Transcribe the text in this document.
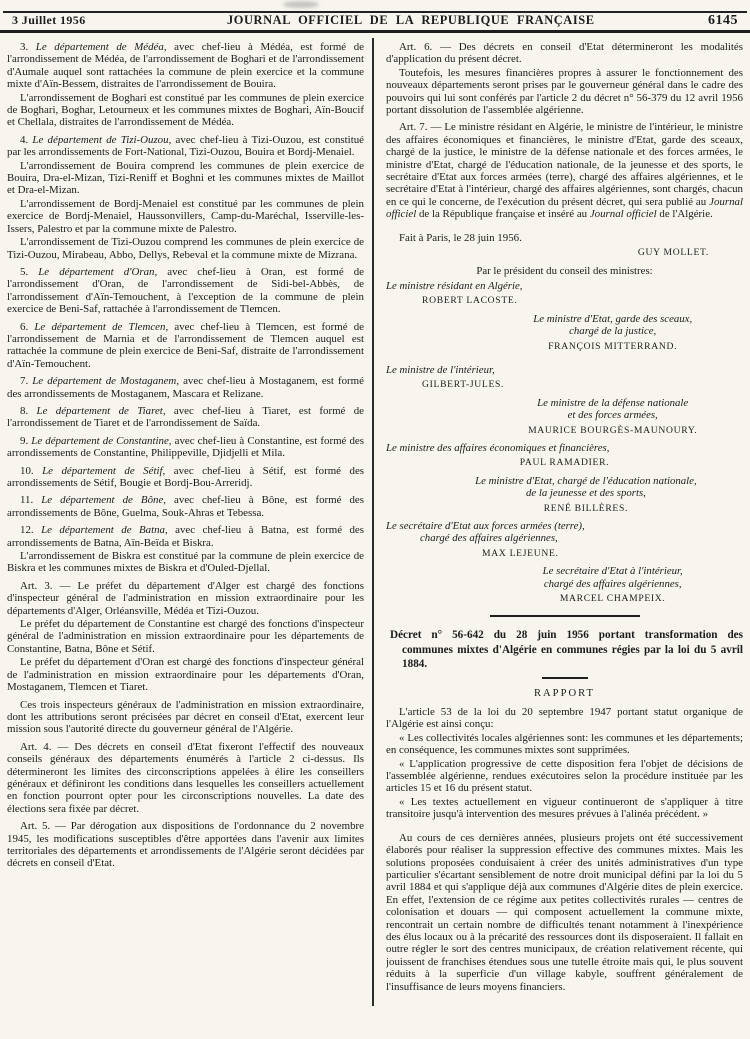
3 Juillet 1956	JOURNAL OFFICIEL DE LA REPUBLIQUE FRANÇAISE	6145

3. Le département de Médéa, avec chef-lieu à Médéa, est formé de l'arrondissement de Médéa, de l'arrondissement de Boghari et de l'arrondissement d'Aumale auquel sont rattachées la commune de plein exercice et la commune mixte d'Aïn-Bessem, distraites de l'arrondissement de Bouira.

L'arrondissement de Boghari est constitué par les communes de plein exercice de Boghari, Boghar, Letourneux et les communes mixtes de Boghari, Aïn-Boucif et Chellala, distraites de l'arrondissement de Médéa.

4. Le département de Tizi-Ouzou, avec chef-lieu à Tizi-Ouzou, est constitué par les arrondissements de Fort-National, Tizi-Ouzou, Bouira et Bordj-Menaiel.

L'arrondissement de Bouira comprend les communes de plein exercice de Bouira, Dra-el-Mizan, Tizi-Reniff et Boghni et les communes mixtes de Maillot et Dra-el-Mizan.

L'arrondissement de Bordj-Menaiel est constitué par les communes de plein exercice de Bordj-Menaiel, Haussonvillers, Camp-du-Maréchal, Isserville-les-Issers, Palestro et par la commune mixte de Palestro.

L'arrondissement de Tizi-Ouzou comprend les communes de plein exercice de Tizi-Ouzou, Mirabeau, Abbo, Dellys, Rebeval et la commune mixte de Mizrana.

5. Le département d'Oran, avec chef-lieu à Oran, est formé de l'arrondissement d'Oran, de l'arrondissement de Sidi-bel-Abbès, de l'arrondissement d'Aïn-Temouchent, à l'exception de la commune de plein exercice de Beni-Saf, rattachée à l'arrondissement de Tlemcen.

6. Le département de Tlemcen, avec chef-lieu à Tlemcen, est formé de l'arrondissement de Marnia et de l'arrondissement de Tlemcen auquel est rattachée la commune de plein exercice de Beni-Saf, distraite de l'arrondissement d'Aïn-Temouchent.

7. Le département de Mostaganem, avec chef-lieu à Mostaganem, est formé des arrondissements de Mostaganem, Mascara et Relizane.

8. Le département de Tiaret, avec chef-lieu à Tiaret, est formé de l'arrondissement de Tiaret et de l'arrondissement de Saïda.

9. Le département de Constantine, avec chef-lieu à Constantine, est formé des arrondissements de Constantine, Philippeville, Djidjelli et Mila.

10. Le département de Sétif, avec chef-lieu à Sétif, est formé des arrondissements de Sétif, Bougie et Bordj-Bou-Arreridj.

11. Le département de Bône, avec chef-lieu à Bône, est formé des arrondissements de Bône, Guelma, Souk-Ahras et Tebessa.

12. Le département de Batna, avec chef-lieu à Batna, est formé des arrondissements de Batna, Aïn-Beïda et Biskra.

L'arrondissement de Biskra est constitué par la commune de plein exercice de Biskra et les communes mixtes de Biskra et d'Ouled-Djellal.

Art. 3. — Le préfet du département d'Alger est chargé des fonctions d'inspecteur général de l'administration en mission extraordinaire pour les départements d'Alger, Orléansville, Médéa et Tizi-Ouzou.

Le préfet du département de Constantine est chargé des fonctions d'inspecteur général de l'administration en mission extraordinaire pour les départements de Constantine, Batna, Bône et Sétif.

Le préfet du département d'Oran est chargé des fonctions d'inspecteur général de l'administration en mission extraordinaire pour les départements d'Oran, Mostaganem, Tlemcen et Tiaret.

Ces trois inspecteurs généraux de l'administration en mission extraordinaire, dont les attributions seront précisées par décret en conseil d'Etat, exercent leur mission sous l'autorité directe du gouverneur général de l'Algérie.

Art. 4. — Des décrets en conseil d'Etat fixeront l'effectif des nouveaux conseils généraux des départements énumérés à l'article 2 ci-dessus. Ils détermineront les limites des circonscriptions appelées à élire les conseillers généraux et définiront les conditions dans lesquelles les conseillers actuellement en fonction pourront opter pour les circonscriptions nouvelles. La date des élections sera fixée par décret.

Art. 5. — Par dérogation aux dispositions de l'ordonnance du 2 novembre 1945, les modifications susceptibles d'être apportées dans l'avenir aux limites territoriales des départements et arrondissements de l'Algérie seront décidées par décrets en conseil d'Etat.

Art. 6. — Des décrets en conseil d'Etat détermineront les modalités d'application du présent décret.

Toutefois, les mesures financières propres à assurer le fonctionnement des nouveaux départements seront prises par le gouverneur général dans le cadre des pouvoirs qui lui sont conférés par l'article 2 du décret n° 56-379 du 12 avril 1956 portant dissolution de l'assemblée algérienne.

Art. 7. — Le ministre résidant en Algérie, le ministre de l'intérieur, le ministre des affaires économiques et financières, le ministre d'Etat, garde des sceaux, chargé de la justice, le ministre de la défense nationale et des forces armées, le ministre d'Etat, chargé de l'éducation nationale, de la jeunesse et des sports, le secrétaire d'Etat aux forces armées (terre), chargé des affaires algériennes, et le secrétaire d'Etat à l'intérieur, chargé des affaires algériennes, sont chargés, chacun en ce qui le concerne, de l'exécution du présent décret, qui sera publié au Journal officiel de la République française et inséré au Journal officiel de l'Algérie.

Fait à Paris, le 28 juin 1956.

GUY MOLLET.
Par le président du conseil des ministres:
Le ministre résidant en Algérie,
ROBERT LACOSTE.
Le ministre d'Etat, garde des sceaux,
chargé de la justice,
FRANÇOIS MITTERRAND.
Le ministre de l'intérieur,
GILBERT-JULES.
Le ministre de la défense nationale
et des forces armées,
MAURICE BOURGÈS-MAUNOURY.
Le ministre des affaires économiques et financières,
PAUL RAMADIER.
Le ministre d'Etat, chargé de l'éducation nationale,
de la jeunesse et des sports,
RENÉ BILLÈRES.
Le secrétaire d'Etat aux forces armées (terre),
chargé des affaires algériennes,
MAX LEJEUNE.
Le secrétaire d'Etat à l'intérieur,
chargé des affaires algériennes,
MARCEL CHAMPEIX.

Décret n° 56-642 du 28 juin 1956 portant transformation des communes mixtes d'Algérie en communes régies par la loi du 5 avril 1884.

RAPPORT

L'article 53 de la loi du 20 septembre 1947 portant statut organique de l'Algérie est ainsi conçu:

« Les collectivités locales algériennes sont: les communes et les départements; en conséquence, les communes mixtes sont supprimées.

« L'application progressive de cette disposition fera l'objet de décisions de l'assemblée algérienne, rendues exécutoires selon la procédure instituée par les articles 15 et 16 du présent statut.

« Les textes actuellement en vigueur continueront de s'appliquer à titre transitoire jusqu'à intervention des mesures prévues à l'alinéa précédent. »

Au cours de ces dernières années, plusieurs projets ont été successivement élaborés pour réaliser la suppression effective des communes mixtes. Mais les solutions proposées conduisaient à créer des unités administratives d'un type particulier s'écartant sensiblement de notre droit municipal défini par la loi du 5 avril 1884 et qui s'applique déjà aux communes d'Algérie dites de plein exercice. En effet, l'extension de ce régime aux petites collectivités rurales — centres de colonisation et douars — qui composent actuellement la commune mixte, rencontrait un certain nombre de difficultés tenant notamment à l'inexpérience des élus locaux ou à la précarité des ressources dont ils disposeraient. Il fallait en outre régler le sort des centres municipaux, de création relativement récente, qui jouissent de franchises étendues sous une tutelle étroite mais qui, le plus souvent réduits à la superficie d'un village kabyle, souffrent généralement de l'insuffisance de leurs moyens financiers.
